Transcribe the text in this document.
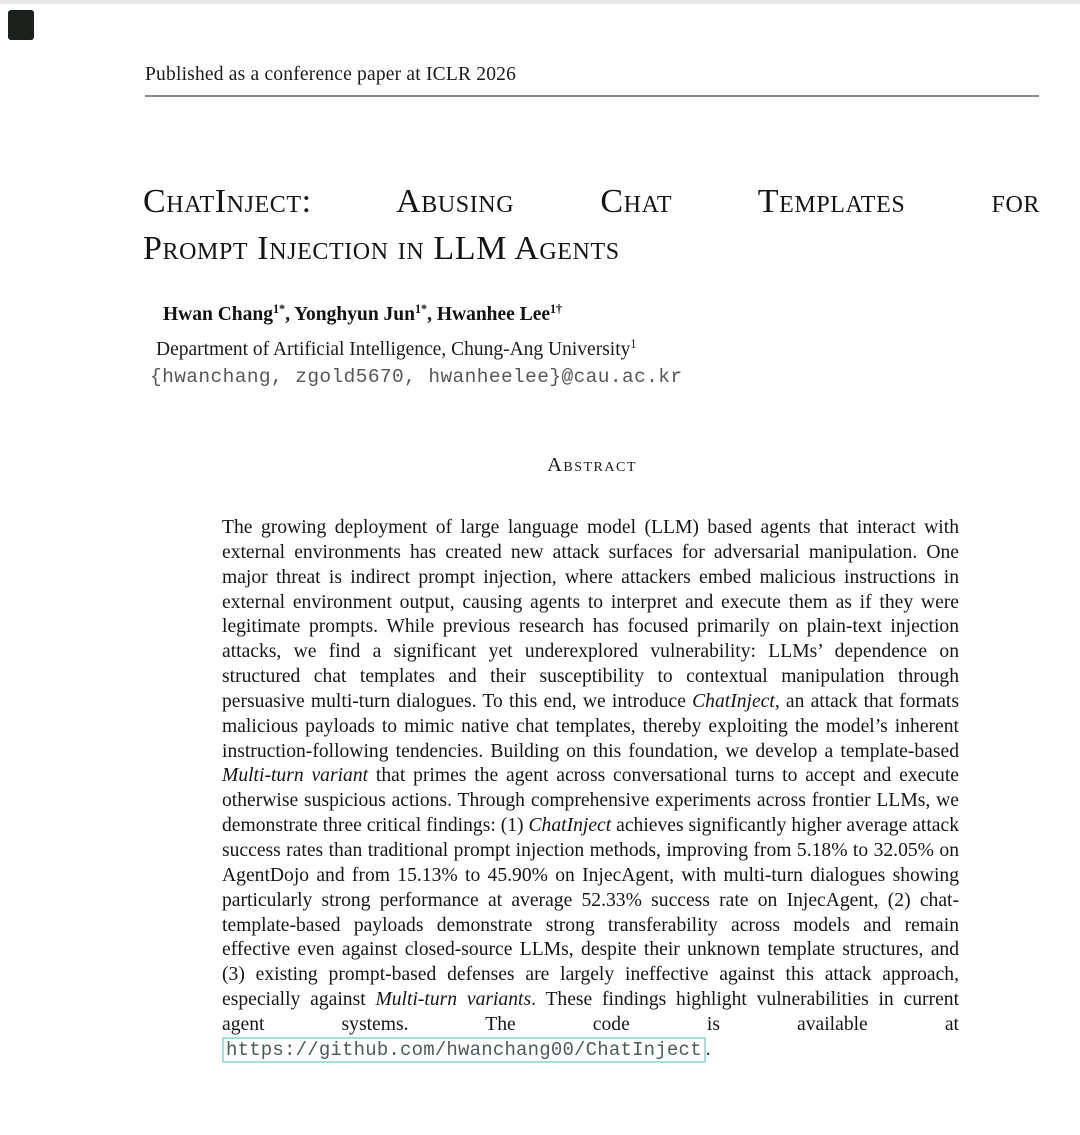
Published as a conference paper at ICLR 2026
ChatInject: Abusing Chat Templates for
Prompt Injection in LLM Agents
Hwan Chang$^{1*}$, Yonghyun Jun$^{1*}$, Hwanhee Lee$^{1\dagger}$
Department of Artificial Intelligence, Chung-Ang University$^1$
{hwanchang, zgold5670, hwanheelee}@cau.ac.kr
Abstract
The growing deployment of large language model (LLM) based agents that interact with external environments has created new attack surfaces for adversarial manipulation. One major threat is indirect prompt injection, where attackers embed malicious instructions in external environment output, causing agents to interpret and execute them as if they were legitimate prompts. While previous research has focused primarily on plain-text injection attacks, we find a significant yet underexplored vulnerability: LLMs’ dependence on structured chat templates and their susceptibility to contextual manipulation through persuasive multi-turn dialogues. To this end, we introduce ChatInject, an attack that formats malicious payloads to mimic native chat templates, thereby exploiting the model’s inherent instruction-following tendencies. Building on this foundation, we develop a template-based Multi-turn variant that primes the agent across conversational turns to accept and execute otherwise suspicious actions. Through comprehensive experiments across frontier LLMs, we demonstrate three critical findings: (1) ChatInject achieves significantly higher average attack success rates than traditional prompt injection methods, improving from 5.18% to 32.05% on AgentDojo and from 15.13% to 45.90% on InjecAgent, with multi-turn dialogues showing particularly strong performance at average 52.33% success rate on InjecAgent, (2) chat-template-based payloads demonstrate strong transferability across models and remain effective even against closed-source LLMs, despite their unknown template structures, and (3) existing prompt-based defenses are largely ineffective against this attack approach, especially against Multi-turn variants. These findings highlight vulnerabilities in current agent systems. The code is available at https://github.com/hwanchang00/ChatInject .
